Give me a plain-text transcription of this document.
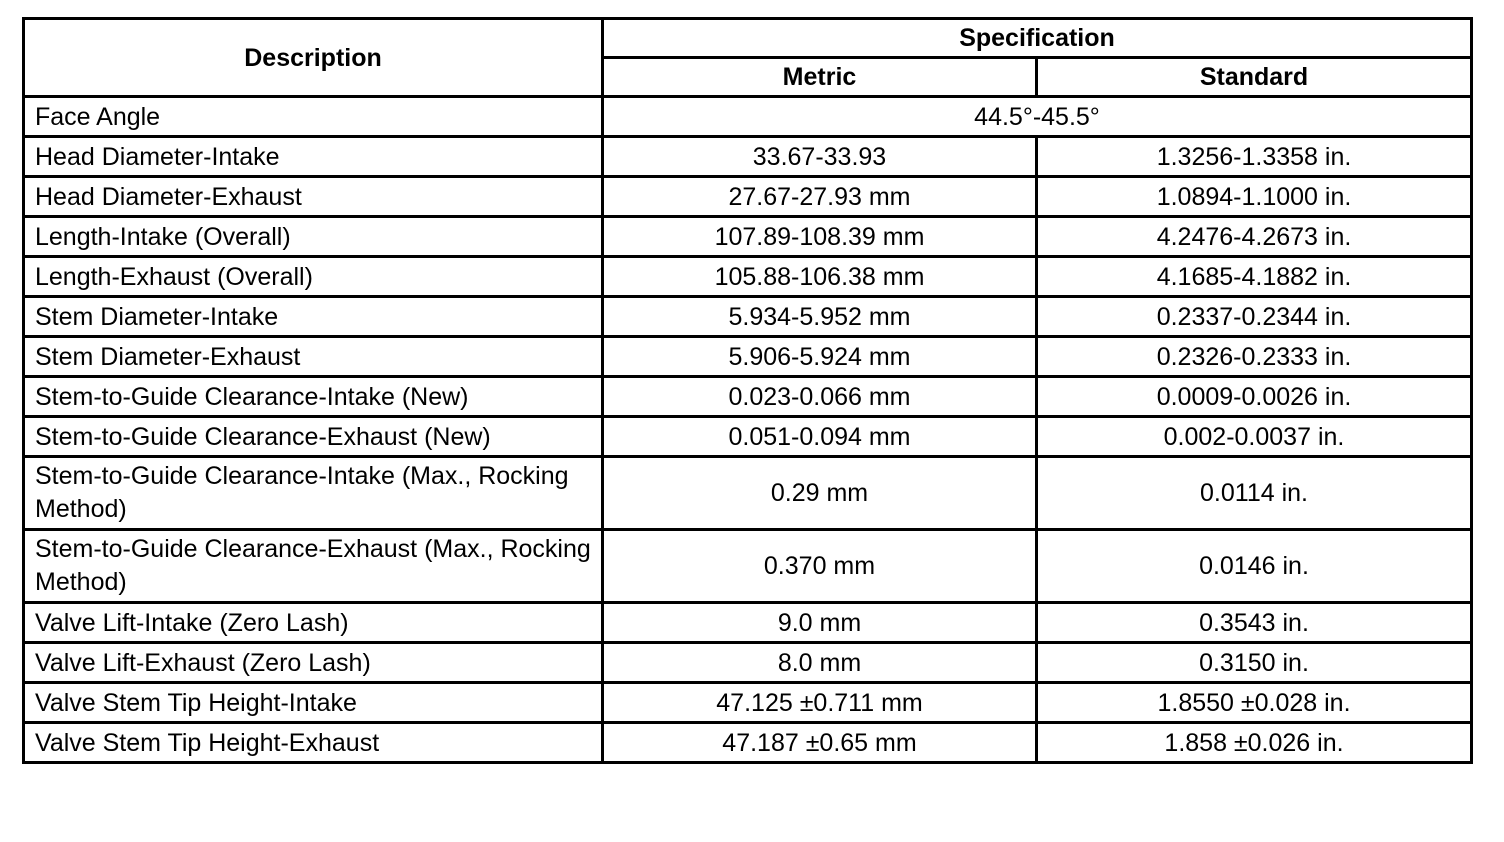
Description	Specification	
	Metric	Standard
Face Angle	44.5°-45.5°	
Head Diameter-Intake	33.67-33.93	1.3256-1.3358 in.
Head Diameter-Exhaust	27.67-27.93 mm	1.0894-1.1000 in.
Length-Intake (Overall)	107.89-108.39 mm	4.2476-4.2673 in.
Length-Exhaust (Overall)	105.88-106.38 mm	4.1685-4.1882 in.
Stem Diameter-Intake	5.934-5.952 mm	0.2337-0.2344 in.
Stem Diameter-Exhaust	5.906-5.924 mm	0.2326-0.2333 in.
Stem-to-Guide Clearance-Intake (New)	0.023-0.066 mm	0.0009-0.0026 in.
Stem-to-Guide Clearance-Exhaust (New)	0.051-0.094 mm	0.002-0.0037 in.
Stem-to-Guide Clearance-Intake (Max., Rocking Method)	0.29 mm	0.0114 in.
Stem-to-Guide Clearance-Exhaust (Max., Rocking Method)	0.370 mm	0.0146 in.
Valve Lift-Intake (Zero Lash)	9.0 mm	0.3543 in.
Valve Lift-Exhaust (Zero Lash)	8.0 mm	0.3150 in.
Valve Stem Tip Height-Intake	47.125 ±0.711 mm	1.8550 ±0.028 in.
Valve Stem Tip Height-Exhaust	47.187 ±0.65 mm	1.858 ±0.026 in.
